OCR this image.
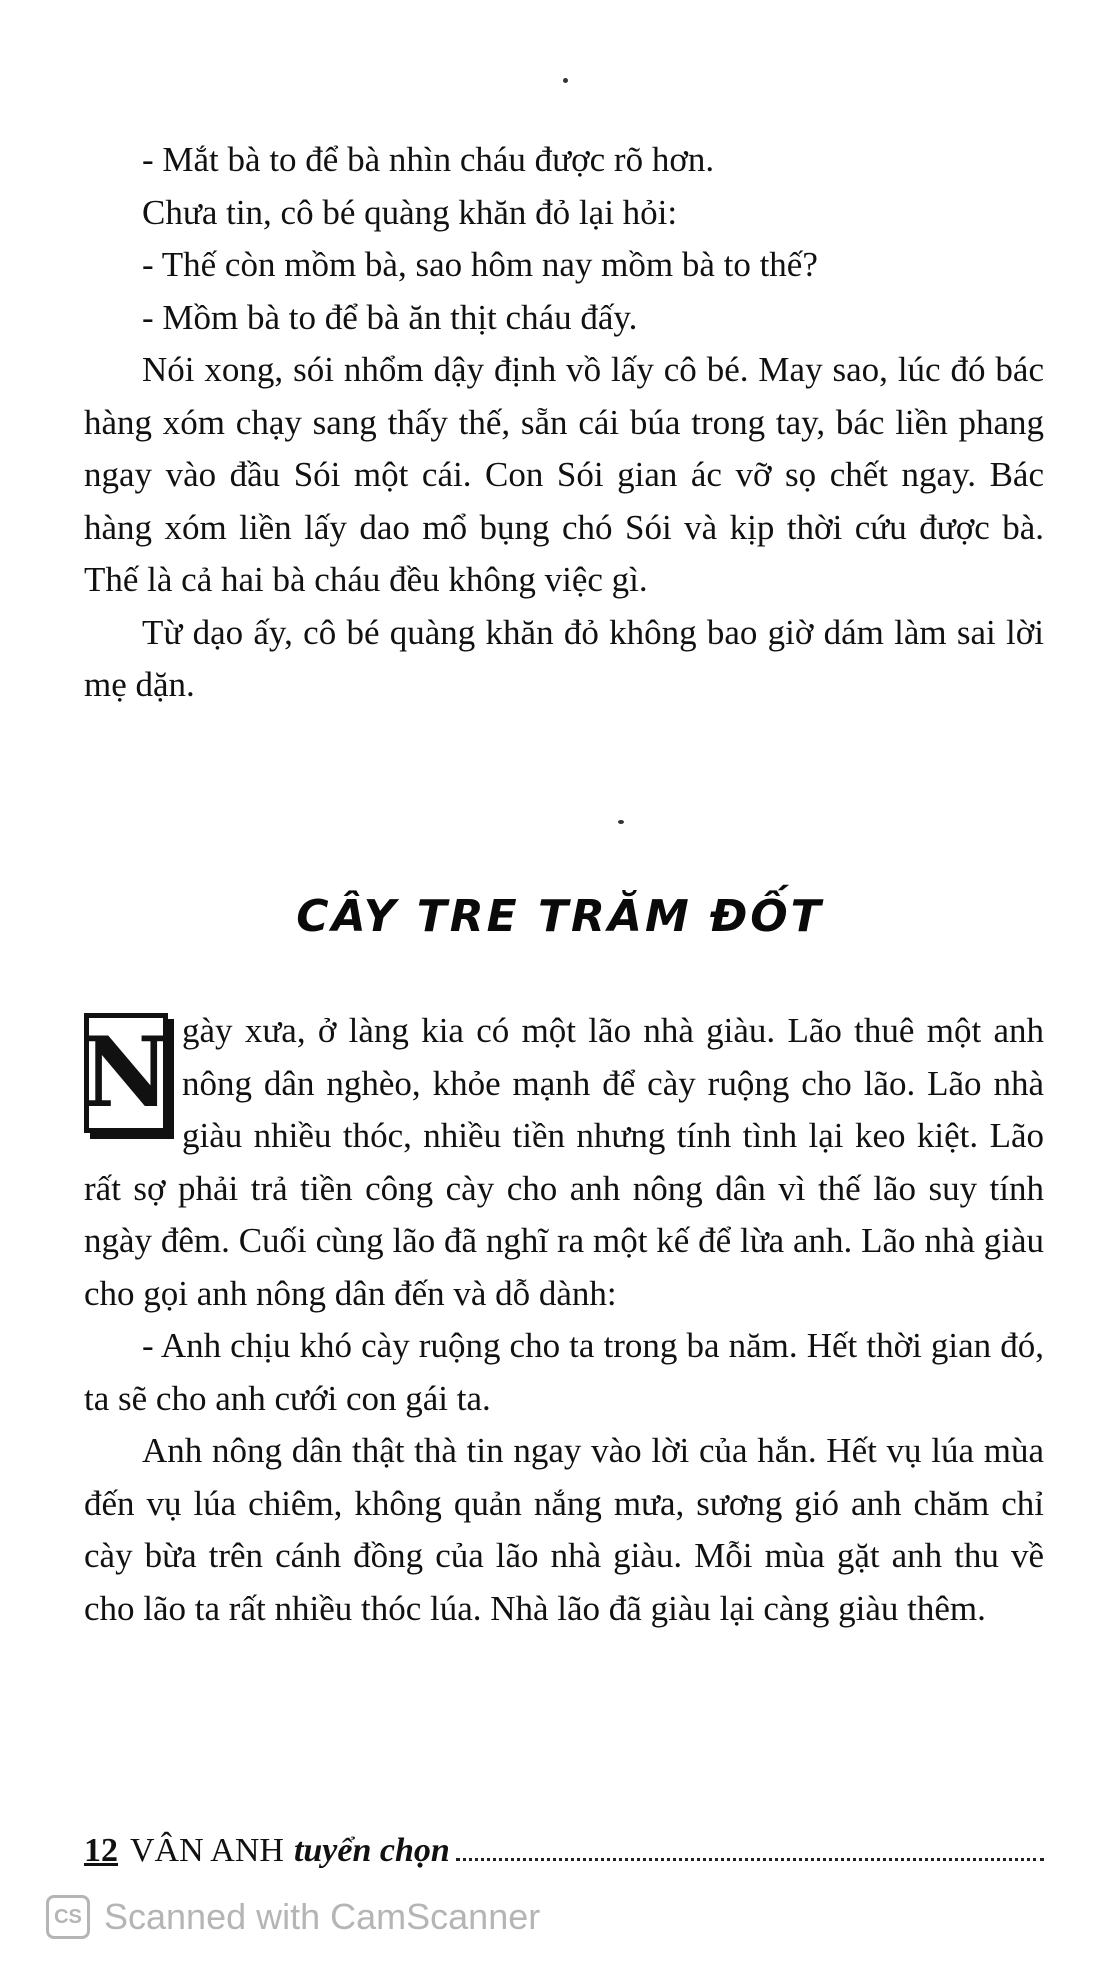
- Mắt bà to để bà nhìn cháu được rõ hơn.

Chưa tin, cô bé quàng khăn đỏ lại hỏi:

- Thế còn mồm bà, sao hôm nay mồm bà to thế?

- Mồm bà to để bà ăn thịt cháu đấy.

Nói xong, sói nhổm dậy định vồ lấy cô bé. May sao, lúc đó bác hàng xóm chạy sang thấy thế, sẵn cái búa trong tay, bác liền phang ngay vào đầu Sói một cái. Con Sói gian ác vỡ sọ chết ngay. Bác hàng xóm liền lấy dao mổ bụng chó Sói và kịp thời cứu được bà. Thế là cả hai bà cháu đều không việc gì.

Từ dạo ấy, cô bé quàng khăn đỏ không bao giờ dám làm sai lời mẹ dặn.

CÂY TRE TRĂM ĐỐT

N gày xưa, ở làng kia có một lão nhà giàu. Lão thuê một anh nông dân nghèo, khỏe mạnh để cày ruộng cho lão. Lão nhà giàu nhiều thóc, nhiều tiền nhưng tính tình lại keo kiệt. Lão rất sợ phải trả tiền công cày cho anh nông dân vì thế lão suy tính ngày đêm. Cuối cùng lão đã nghĩ ra một kế để lừa anh. Lão nhà giàu cho gọi anh nông dân đến và dỗ dành:

- Anh chịu khó cày ruộng cho ta trong ba năm. Hết thời gian đó, ta sẽ cho anh cưới con gái ta.

Anh nông dân thật thà tin ngay vào lời của hắn. Hết vụ lúa mùa đến vụ lúa chiêm, không quản nắng mưa, sương gió anh chăm chỉ cày bừa trên cánh đồng của lão nhà giàu. Mỗi mùa gặt anh thu về cho lão ta rất nhiều thóc lúa. Nhà lão đã giàu lại càng giàu thêm.

12 VÂN ANH tuyển chọn
CS Scanned with CamScanner
